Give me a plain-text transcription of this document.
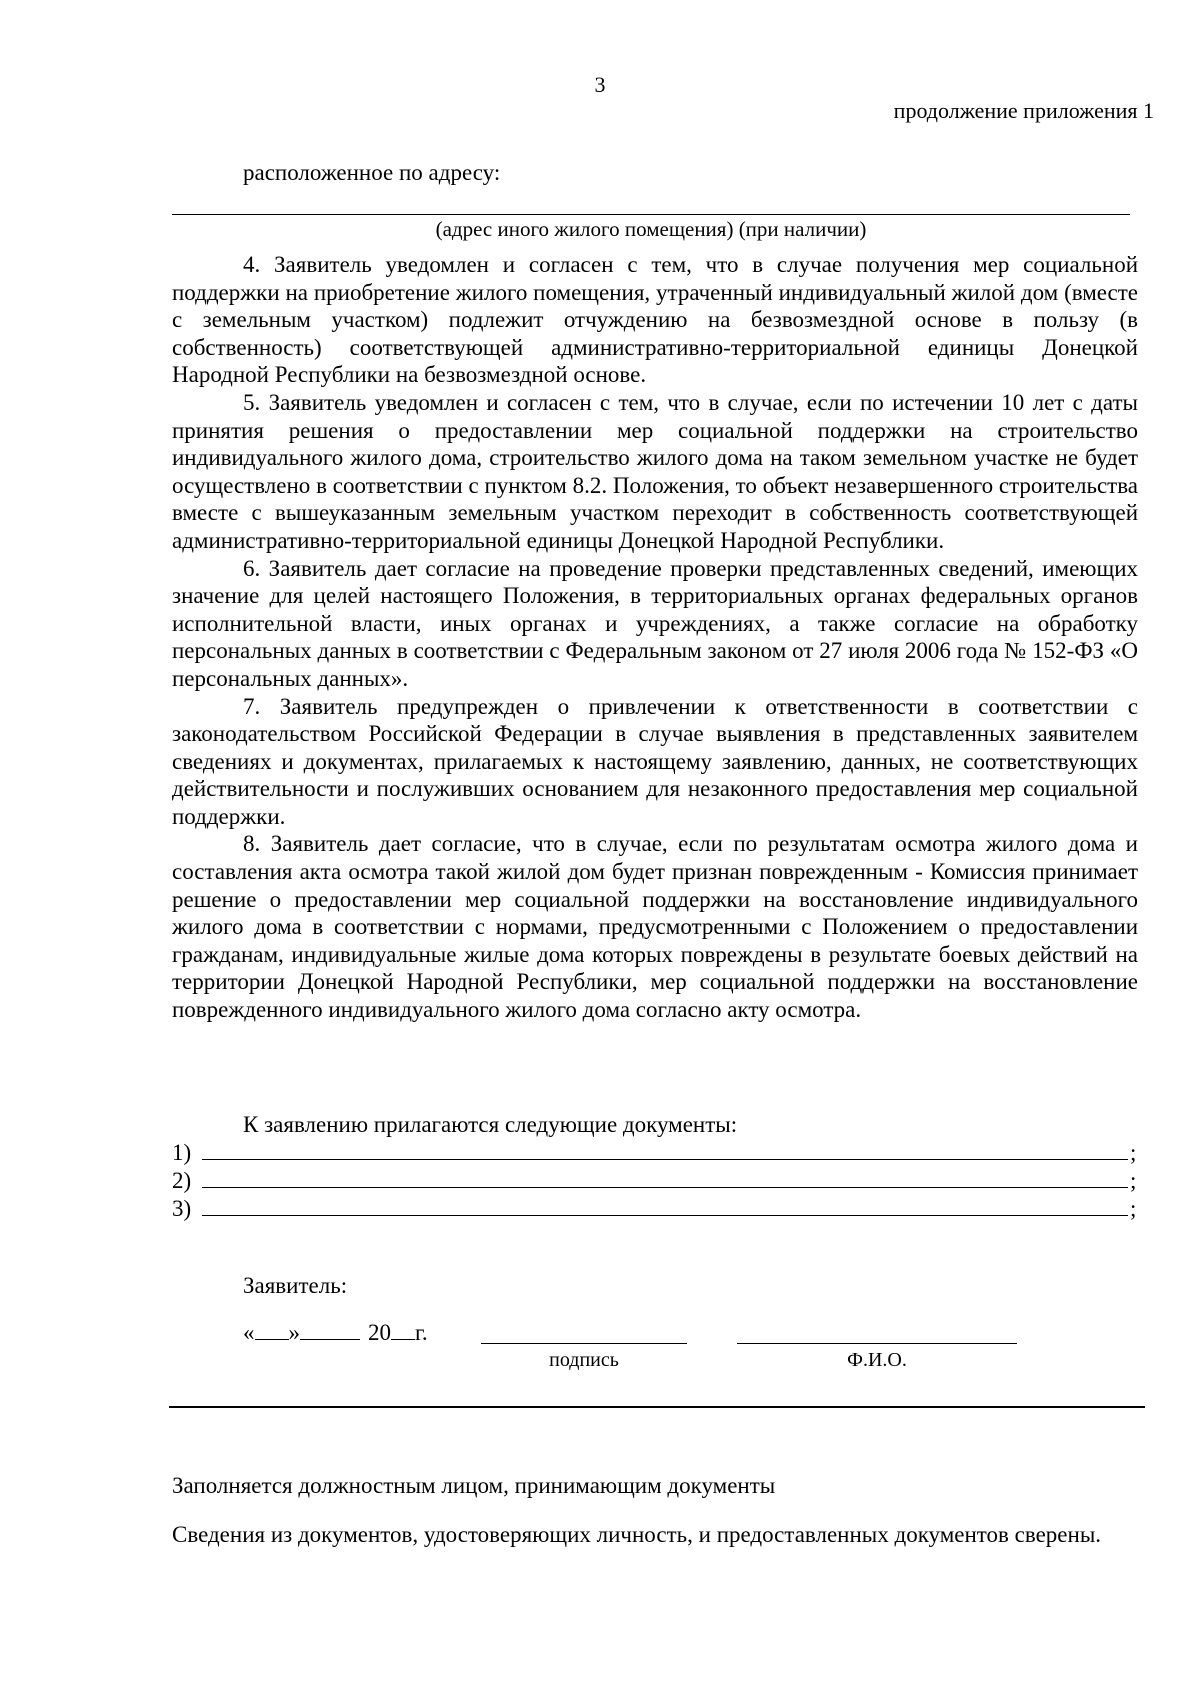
3
продолжение приложения 1
расположенное по адресу:
(адрес иного жилого помещения) (при наличии)

4. Заявитель уведомлен и согласен с тем, что в случае получения мер социальной поддержки на приобретение жилого помещения, утраченный индивидуальный жилой дом (вместе с земельным участком) подлежит отчуждению на безвозмездной основе в пользу (в собственность) соответствующей административно-территориальной единицы Донецкой Народной Республики на безвозмездной основе.

5. Заявитель уведомлен и согласен с тем, что в случае, если по истечении 10 лет с даты принятия решения о предоставлении мер социальной поддержки на строительство индивидуального жилого дома, строительство жилого дома на таком земельном участке не будет осуществлено в соответствии с пунктом 8.2. Положения, то объект незавершенного строительства вместе с вышеуказанным земельным участком переходит в собственность соответствующей административно-территориальной единицы Донецкой Народной Республики.

6. Заявитель дает согласие на проведение проверки представленных сведений, имеющих значение для целей настоящего Положения, в территориальных органах федеральных органов исполнительной власти, иных органах и учреждениях, а также согласие на обработку персональных данных в соответствии с Федеральным законом от 27 июля 2006 года № 152-ФЗ «О персональных данных».

7. Заявитель предупрежден о привлечении к ответственности в соответствии с законодательством Российской Федерации в случае выявления в представленных заявителем сведениях и документах, прилагаемых к настоящему заявлению, данных, не соответствующих действительности и послуживших основанием для незаконного предоставления мер социальной поддержки.

8. Заявитель дает согласие, что в случае, если по результатам осмотра жилого дома и составления акта осмотра такой жилой дом будет признан поврежденным - Комиссия принимает решение о предоставлении мер социальной поддержки на восстановление индивидуального жилого дома в соответствии с нормами, предусмотренными с Положением о предоставлении гражданам, индивидуальные жилые дома которых повреждены в результате боевых действий на территории Донецкой Народной Республики, мер социальной поддержки на восстановление поврежденного индивидуального жилого дома согласно акту осмотра.

К заявлению прилагаются следующие документы:
1)	;
2)	;
3)	;
Заявитель:
« »	20 г.
подпись	Ф.И.О.
Заполняется должностным лицом, принимающим документы
Сведения из документов, удостоверяющих личность, и предоставленных документов сверены.
